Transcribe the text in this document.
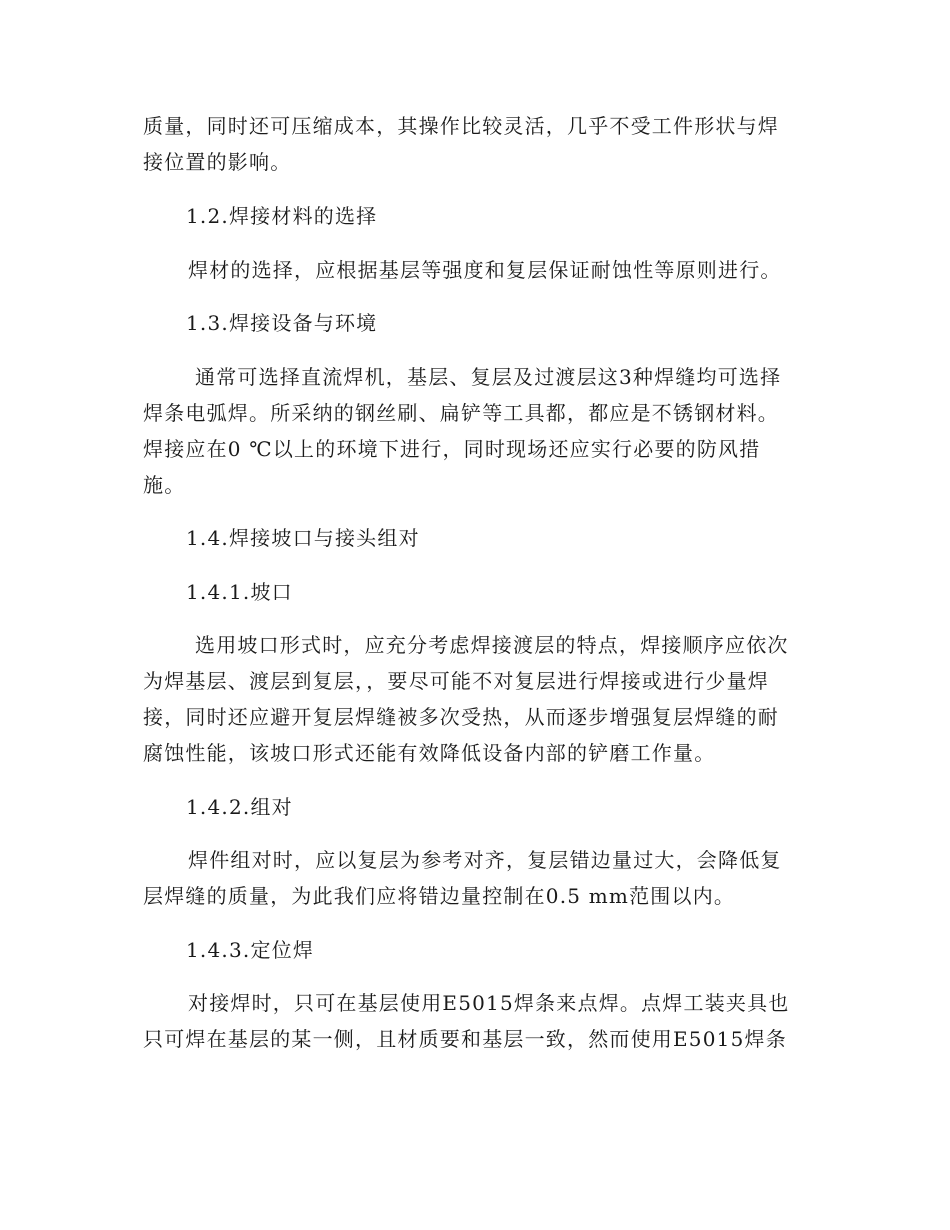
质量，同时还可压缩成本，其操作比较灵活，几乎不受工件形状与焊
接位置的影响。
1.2.焊接材料的选择
焊材的选择，应根据基层等强度和复层保证耐蚀性等原则进行。
1.3.焊接设备与环境
通常可选择直流焊机，基层、复层及过渡层这3种焊缝均可选择
焊条电弧焊。所采纳的钢丝刷、扁铲等工具都，都应是不锈钢材料。
焊接应在0 ℃以上的环境下进行，同时现场还应实行必要的防风措
施。
1.4.焊接坡口与接头组对
1.4.1.坡口
选用坡口形式时，应充分考虑焊接渡层的特点，焊接顺序应依次
为焊基层、渡层到复层，，要尽可能不对复层进行焊接或进行少量焊
接，同时还应避开复层焊缝被多次受热，从而逐步增强复层焊缝的耐
腐蚀性能，该坡口形式还能有效降低设备内部的铲磨工作量。
1.4.2.组对
焊件组对时，应以复层为参考对齐，复层错边量过大，会降低复
层焊缝的质量，为此我们应将错边量控制在0.5 mm范围以内。
1.4.3.定位焊
对接焊时，只可在基层使用E5015焊条来点焊。点焊工装夹具也
只可焊在基层的某一侧，且材质要和基层一致，然而使用E5015焊条
